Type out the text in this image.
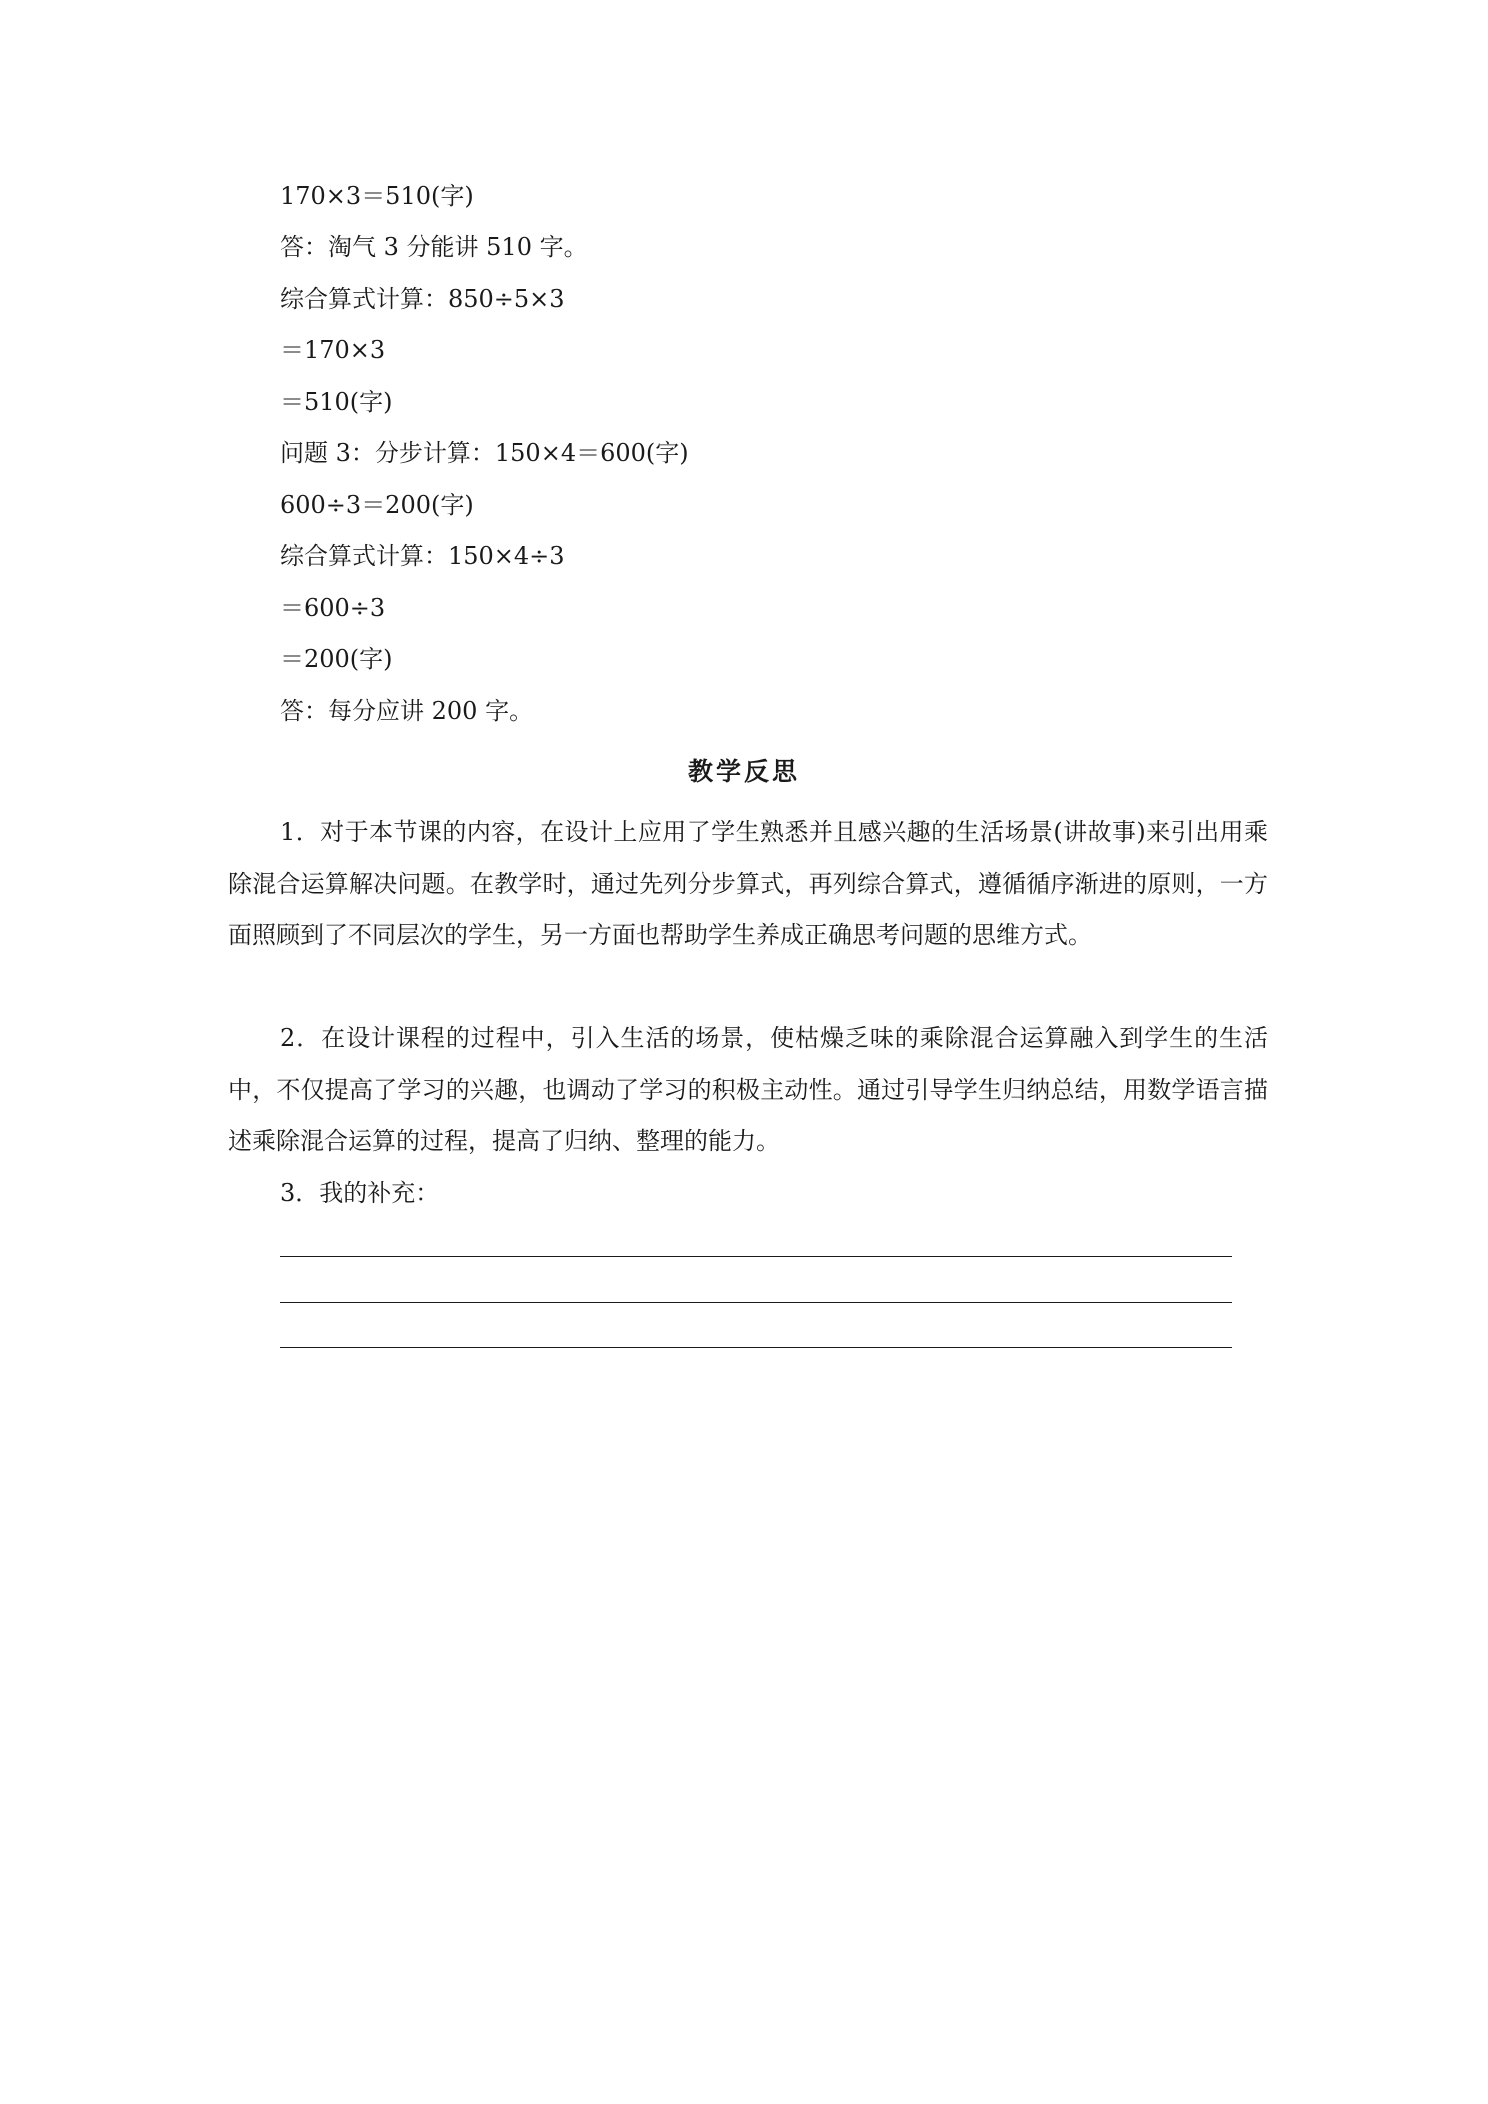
170×3＝510(字)
答：淘气 3 分能讲 510 字。
综合算式计算：850÷5×3
＝170×3
＝510(字)
问题 3：分步计算：150×4＝600(字)
600÷3＝200(字)
综合算式计算：150×4÷3
＝600÷3
＝200(字)
答：每分应讲 200 字。
教学反思

1．对于本节课的内容，在设计上应用了学生熟悉并且感兴趣的生活场景(讲故事)来引出用乘除混合运算解决问题。在教学时，通过先列分步算式，再列综合算式，遵循循序渐进的原则，一方面照顾到了不同层次的学生，另一方面也帮助学生养成正确思考问题的思维方式。

2．在设计课程的过程中，引入生活的场景，使枯燥乏味的乘除混合运算融入到学生的生活中，不仅提高了学习的兴趣，也调动了学习的积极主动性。通过引导学生归纳总结，用数学语言描述乘除混合运算的过程，提高了归纳、整理的能力。

3．我的补充：
